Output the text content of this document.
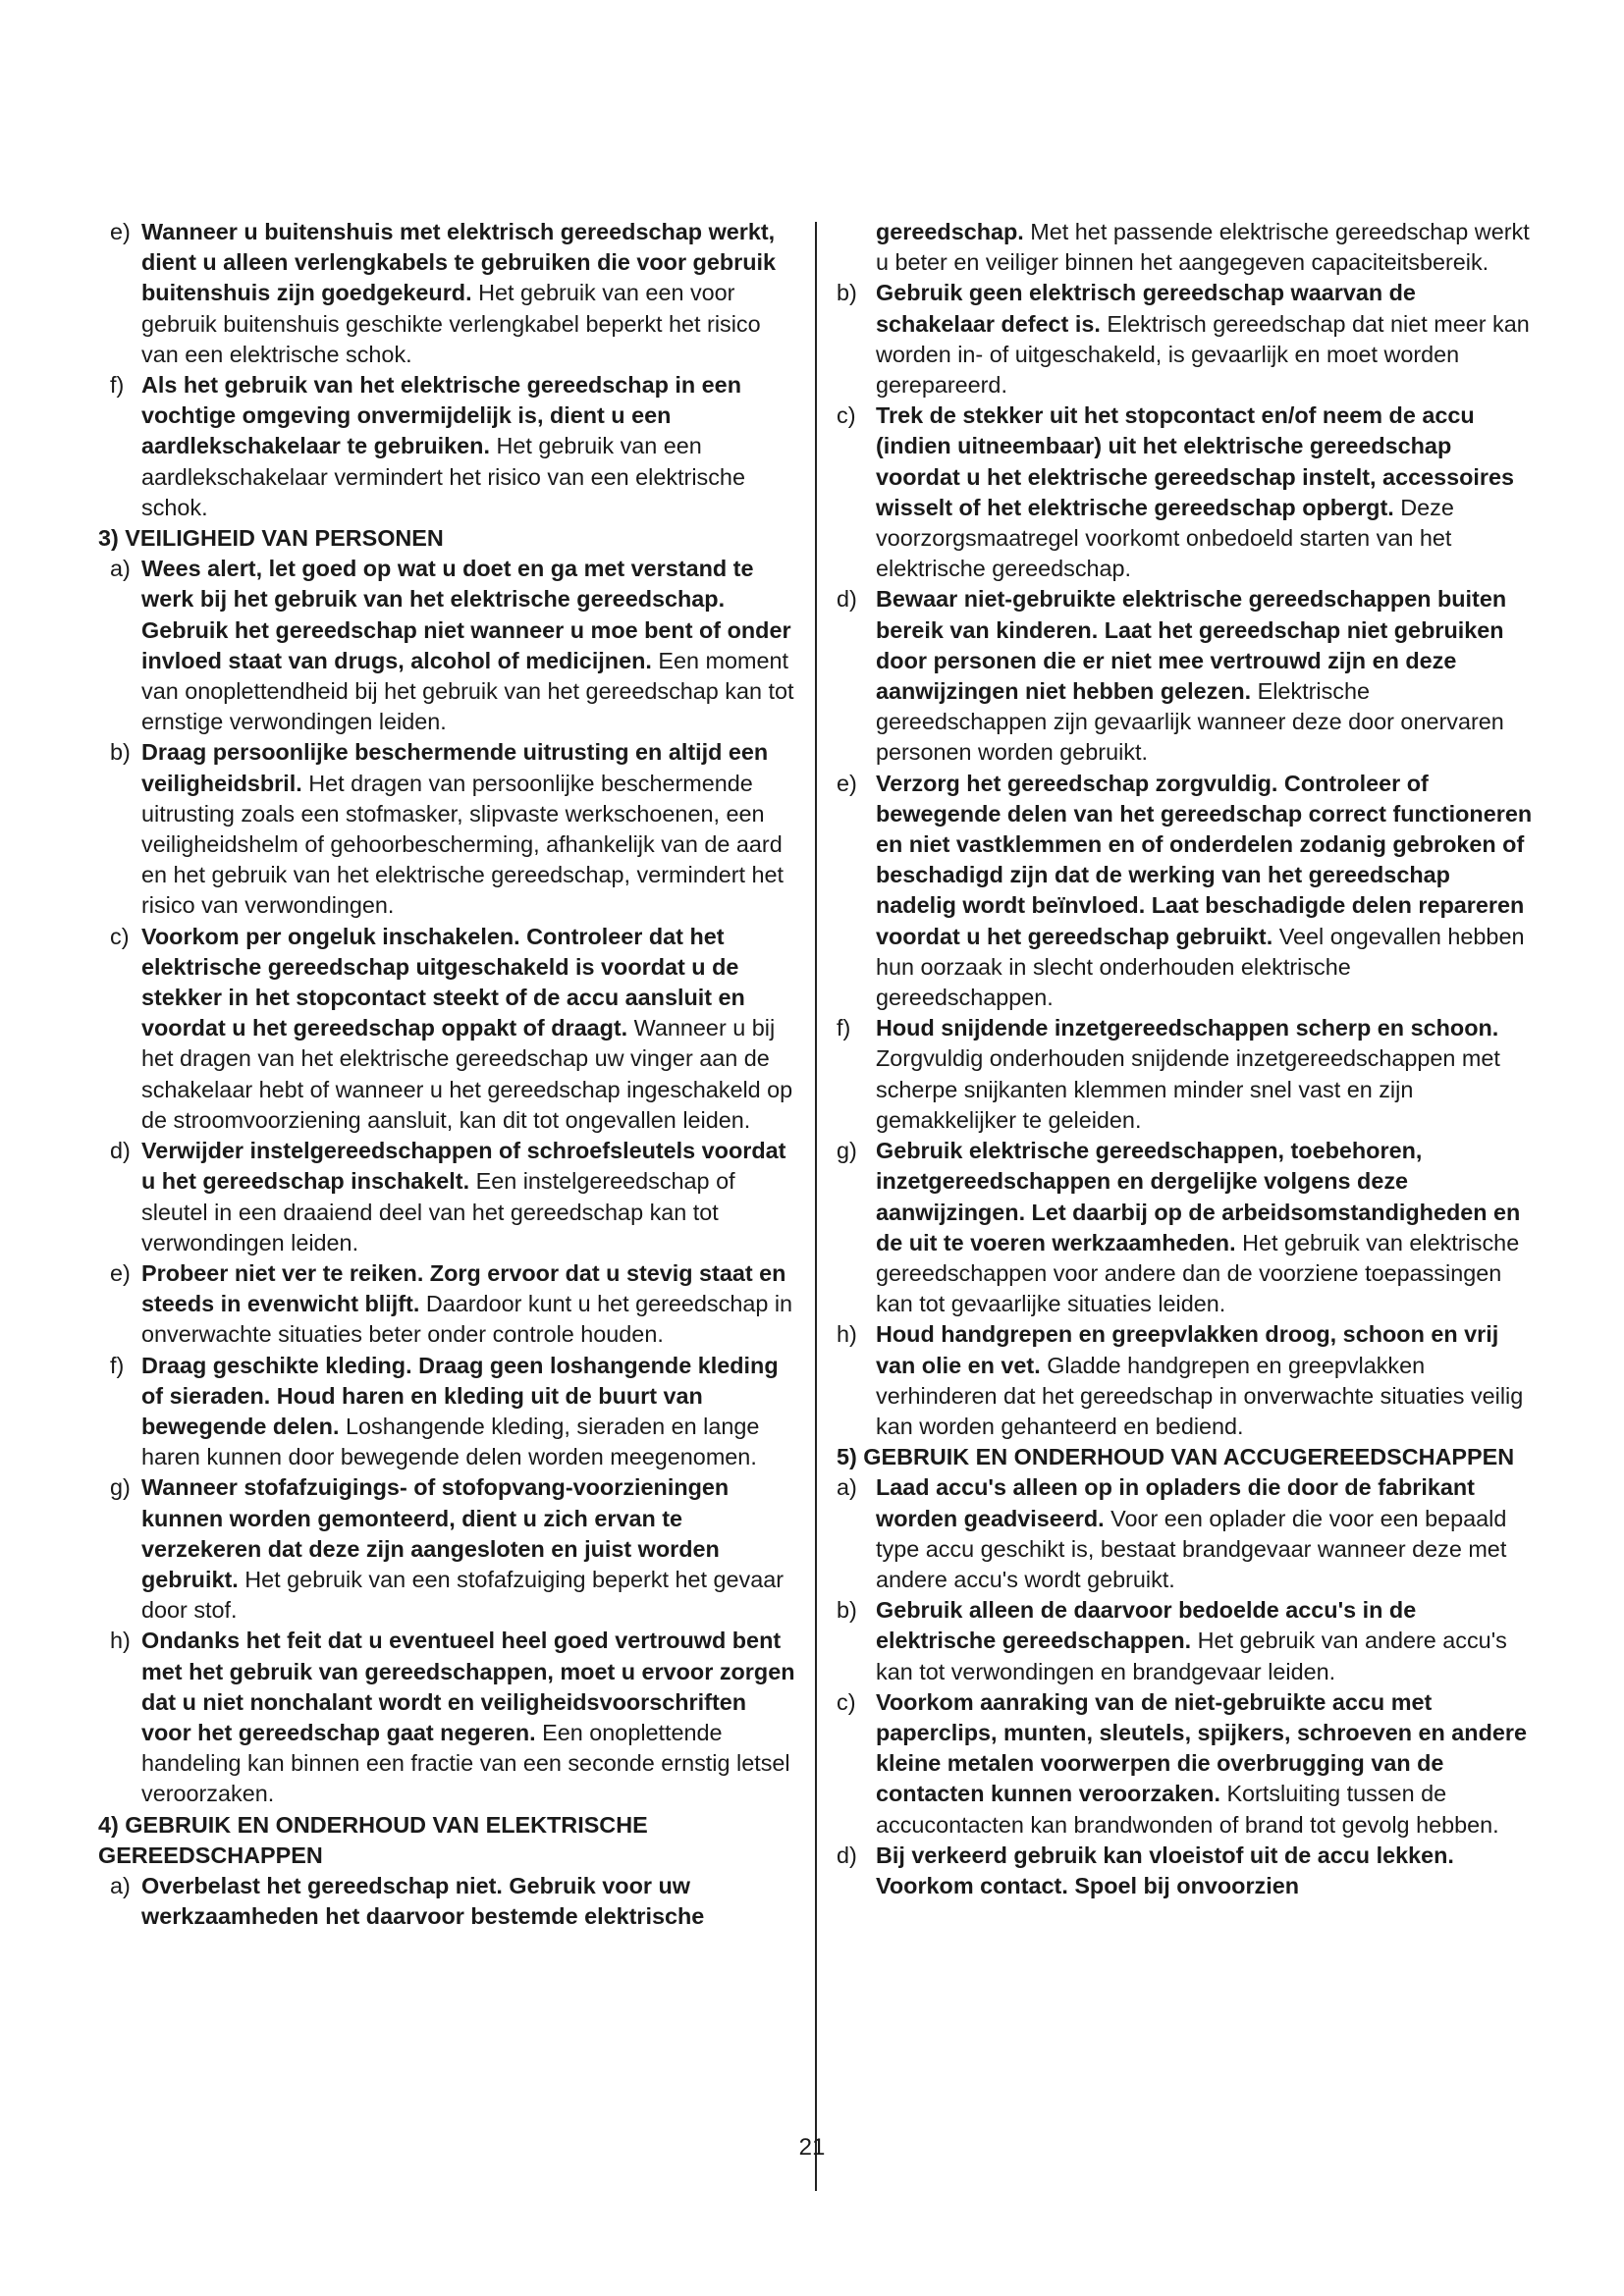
e) Wanneer u buitenshuis met elektrisch gereedschap werkt, dient u alleen verlengkabels te gebruiken die voor gebruik buitenshuis zijn goedgekeurd. Het gebruik van een voor gebruik buitenshuis geschikte verlengkabel beperkt het risico van een elektrische schok.
f) Als het gebruik van het elektrische gereedschap in een vochtige omgeving onvermijdelijk is, dient u een aardlekschakelaar te gebruiken. Het gebruik van een aardlekschakelaar vermindert het risico van een elektrische schok.
3) VEILIGHEID VAN PERSONEN
a) Wees alert, let goed op wat u doet en ga met verstand te werk bij het gebruik van het elektrische gereedschap. Gebruik het gereedschap niet wanneer u moe bent of onder invloed staat van drugs, alcohol of medicijnen. Een moment van onoplettendheid bij het gebruik van het gereedschap kan tot ernstige verwondingen leiden.
b) Draag persoonlijke beschermende uitrusting en altijd een veiligheidsbril. Het dragen van persoonlijke beschermende uitrusting zoals een stofmasker, slipvaste werkschoenen, een veiligheidshelm of gehoorbescherming, afhankelijk van de aard en het gebruik van het elektrische gereedschap, vermindert het risico van verwondingen.
c) Voorkom per ongeluk inschakelen. Controleer dat het elektrische gereedschap uitgeschakeld is voordat u de stekker in het stopcontact steekt of de accu aansluit en voordat u het gereedschap oppakt of draagt. Wanneer u bij het dragen van het elektrische gereedschap uw vinger aan de schakelaar hebt of wanneer u het gereedschap ingeschakeld op de stroomvoorziening aansluit, kan dit tot ongevallen leiden.
d) Verwijder instelgereedschappen of schroefsleutels voordat u het gereedschap inschakelt. Een instelgereedschap of sleutel in een draaiend deel van het gereedschap kan tot verwondingen leiden.
e) Probeer niet ver te reiken. Zorg ervoor dat u stevig staat en steeds in evenwicht blijft. Daardoor kunt u het gereedschap in onverwachte situaties beter onder controle houden.
f) Draag geschikte kleding. Draag geen loshangende kleding of sieraden. Houd haren en kleding uit de buurt van bewegende delen. Loshangende kleding, sieraden en lange haren kunnen door bewegende delen worden meegenomen.
g) Wanneer stofafzuigings- of stofopvang-voorzieningen kunnen worden gemonteerd, dient u zich ervan te verzekeren dat deze zijn aangesloten en juist worden gebruikt. Het gebruik van een stofafzuiging beperkt het gevaar door stof.
h) Ondanks het feit dat u eventueel heel goed vertrouwd bent met het gebruik van gereedschappen, moet u ervoor zorgen dat u niet nonchalant wordt en veiligheidsvoorschriften voor het gereedschap gaat negeren. Een onoplettende handeling kan binnen een fractie van een seconde ernstig letsel veroorzaken.
4) GEBRUIK EN ONDERHOUD VAN ELEKTRISCHE GEREEDSCHAPPEN
a) Overbelast het gereedschap niet. Gebruik voor uw werkzaamheden het daarvoor bestemde elektrische
gereedschap. Met het passende elektrische gereedschap werkt u beter en veiliger binnen het aangegeven capaciteitsbereik.
b) Gebruik geen elektrisch gereedschap waarvan de schakelaar defect is. Elektrisch gereedschap dat niet meer kan worden in- of uitgeschakeld, is gevaarlijk en moet worden gerepareerd.
c) Trek de stekker uit het stopcontact en/of neem de accu (indien uitneembaar) uit het elektrische gereedschap voordat u het elektrische gereedschap instelt, accessoires wisselt of het elektrische gereedschap opbergt. Deze voorzorgsmaatregel voorkomt onbedoeld starten van het elektrische gereedschap.
d) Bewaar niet-gebruikte elektrische gereedschappen buiten bereik van kinderen. Laat het gereedschap niet gebruiken door personen die er niet mee vertrouwd zijn en deze aanwijzingen niet hebben gelezen. Elektrische gereedschappen zijn gevaarlijk wanneer deze door onervaren personen worden gebruikt.
e) Verzorg het gereedschap zorgvuldig. Controleer of bewegende delen van het gereedschap correct functioneren en niet vastklemmen en of onderdelen zodanig gebroken of beschadigd zijn dat de werking van het gereedschap nadelig wordt beïnvloed. Laat beschadigde delen repareren voordat u het gereedschap gebruikt. Veel ongevallen hebben hun oorzaak in slecht onderhouden elektrische gereedschappen.
f) Houd snijdende inzetgereedschappen scherp en schoon. Zorgvuldig onderhouden snijdende inzetgereedschappen met scherpe snijkanten klemmen minder snel vast en zijn gemakkelijker te geleiden.
g) Gebruik elektrische gereedschappen, toebehoren, inzetgereedschappen en dergelijke volgens deze aanwijzingen. Let daarbij op de arbeidsomstandigheden en de uit te voeren werkzaamheden. Het gebruik van elektrische gereedschappen voor andere dan de voorziene toepassingen kan tot gevaarlijke situaties leiden.
h) Houd handgrepen en greepvlakken droog, schoon en vrij van olie en vet. Gladde handgrepen en greepvlakken verhinderen dat het gereedschap in onverwachte situaties veilig kan worden gehanteerd en bediend.
5) GEBRUIK EN ONDERHOUD VAN ACCUGEREEDSCHAPPEN
a) Laad accu's alleen op in opladers die door de fabrikant worden geadviseerd. Voor een oplader die voor een bepaald type accu geschikt is, bestaat brandgevaar wanneer deze met andere accu's wordt gebruikt.
b) Gebruik alleen de daarvoor bedoelde accu's in de elektrische gereedschappen. Het gebruik van andere accu's kan tot verwondingen en brandgevaar leiden.
c) Voorkom aanraking van de niet-gebruikte accu met paperclips, munten, sleutels, spijkers, schroeven en andere kleine metalen voorwerpen die overbrugging van de contacten kunnen veroorzaken. Kortsluiting tussen de accucontacten kan brandwonden of brand tot gevolg hebben.
d) Bij verkeerd gebruik kan vloeistof uit de accu lekken. Voorkom contact. Spoel bij onvoorzien
21
